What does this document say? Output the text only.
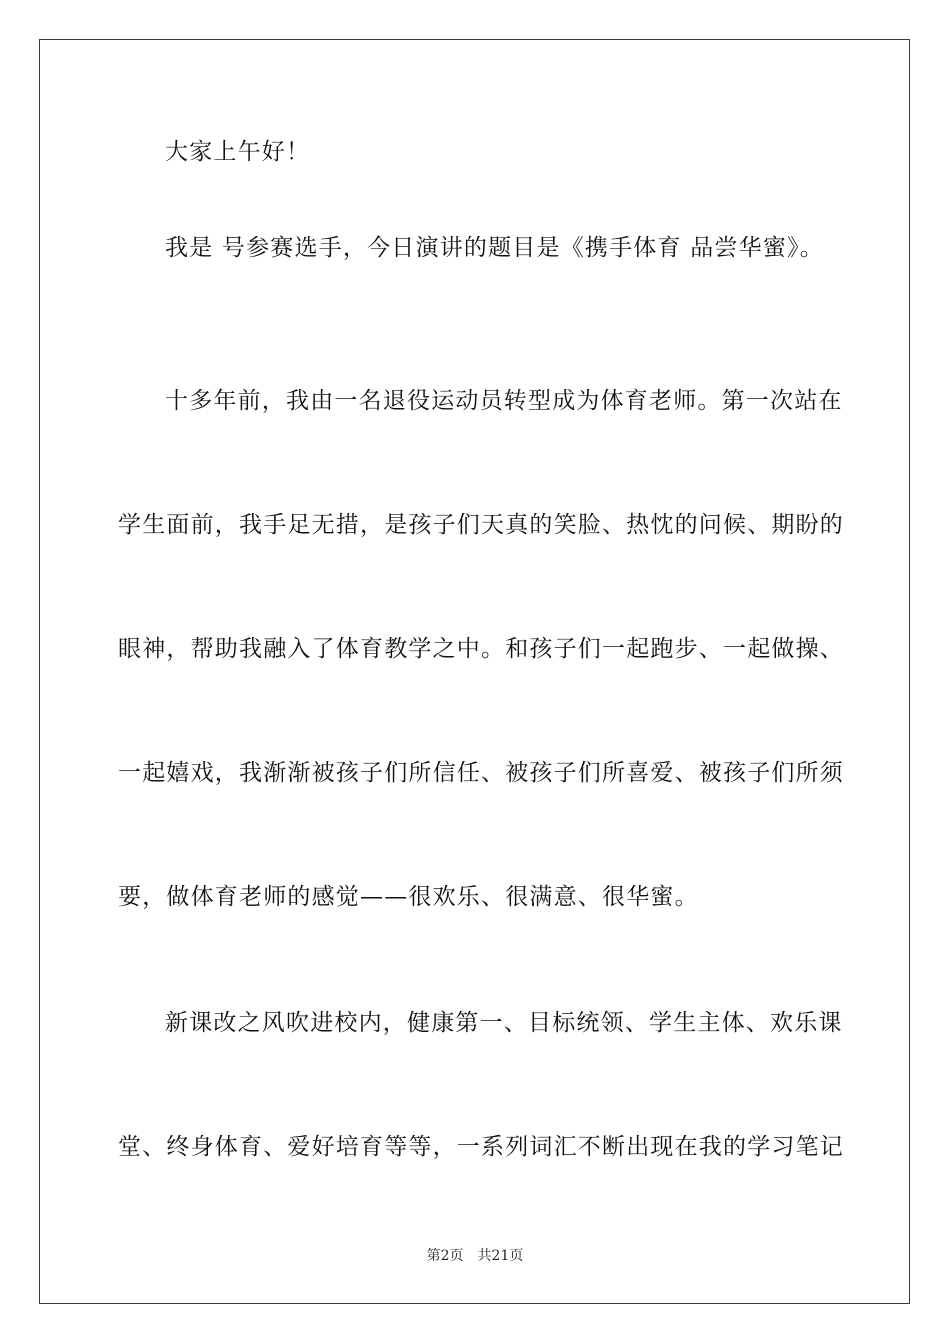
大家上午好！
我是 号参赛选手，今日演讲的题目是《携手体育 品尝华蜜》。
十多年前，我由一名退役运动员转型成为体育老师。第一次站在
学生面前，我手足无措，是孩子们天真的笑脸、热忱的问候、期盼的
眼神，帮助我融入了体育教学之中。和孩子们一起跑步、一起做操、
一起嬉戏，我渐渐被孩子们所信任、被孩子们所喜爱、被孩子们所须
要，做体育老师的感觉——很欢乐、很满意、很华蜜。
新课改之风吹进校内，健康第一、目标统领、学生主体、欢乐课
堂、终身体育、爱好培育等等，一系列词汇不断出现在我的学习笔记
第2页 共21页
